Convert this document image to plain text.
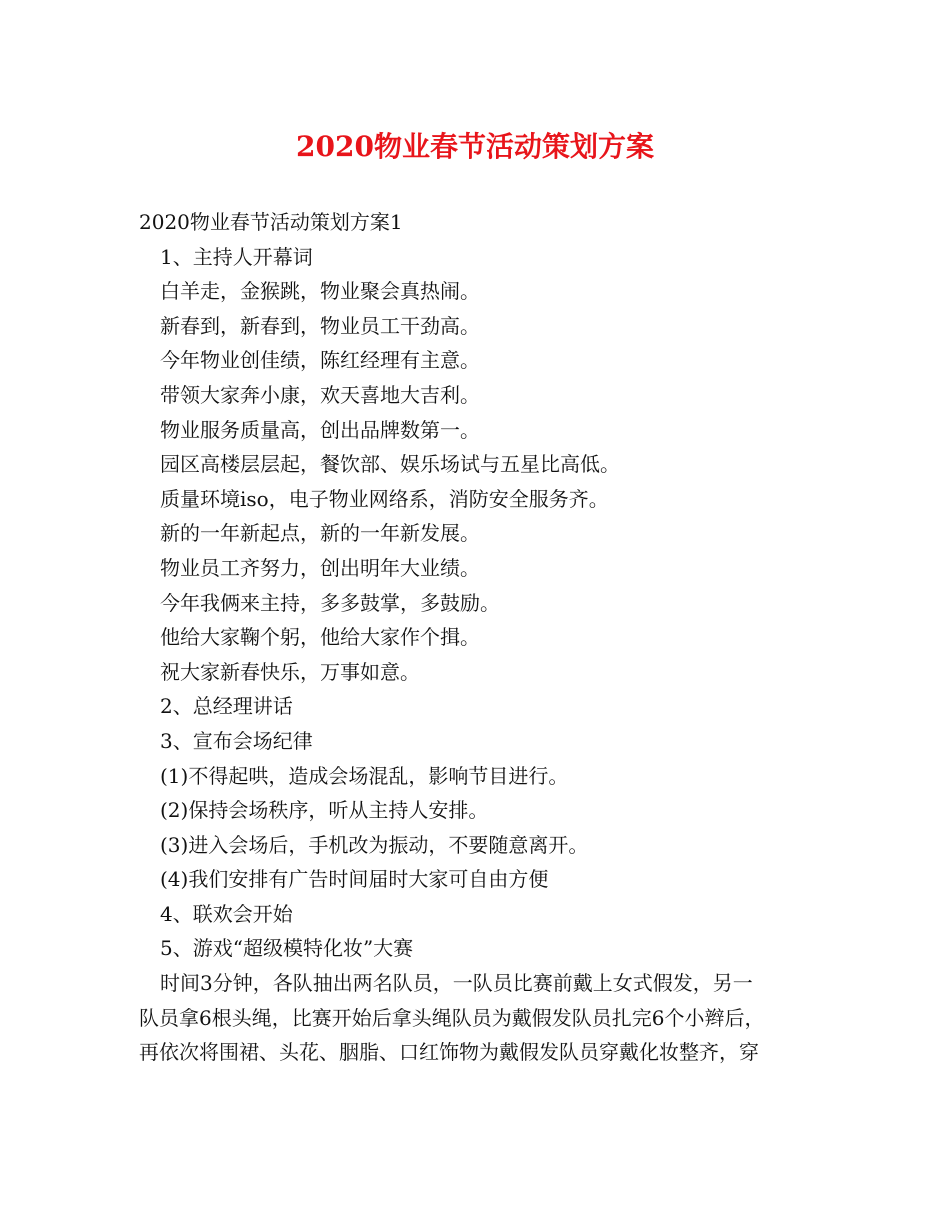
2020物业春节活动策划方案
2020物业春节活动策划方案1
1、主持人开幕词
白羊走，金猴跳，物业聚会真热闹。
新春到，新春到，物业员工干劲高。
今年物业创佳绩，陈红经理有主意。
带领大家奔小康，欢天喜地大吉利。
物业服务质量高，创出品牌数第一。
园区高楼层层起，餐饮部、娱乐场试与五星比高低。
质量环境iso，电子物业网络系，消防安全服务齐。
新的一年新起点，新的一年新发展。
物业员工齐努力，创出明年大业绩。
今年我俩来主持，多多鼓掌，多鼓励。
他给大家鞠个躬，他给大家作个揖。
祝大家新春快乐，万事如意。
2、总经理讲话
3、宣布会场纪律
(1)不得起哄，造成会场混乱，影响节目进行。
(2)保持会场秩序，听从主持人安排。
(3)进入会场后，手机改为振动，不要随意离开。
(4)我们安排有广告时间届时大家可自由方便
4、联欢会开始
5、游戏“超级模特化妆”大赛
时间3分钟，各队抽出两名队员，一队员比赛前戴上女式假发，另一
队员拿6根头绳，比赛开始后拿头绳队员为戴假发队员扎完6个小辫后，
再依次将围裙、头花、胭脂、口红饰物为戴假发队员穿戴化妆整齐，穿
